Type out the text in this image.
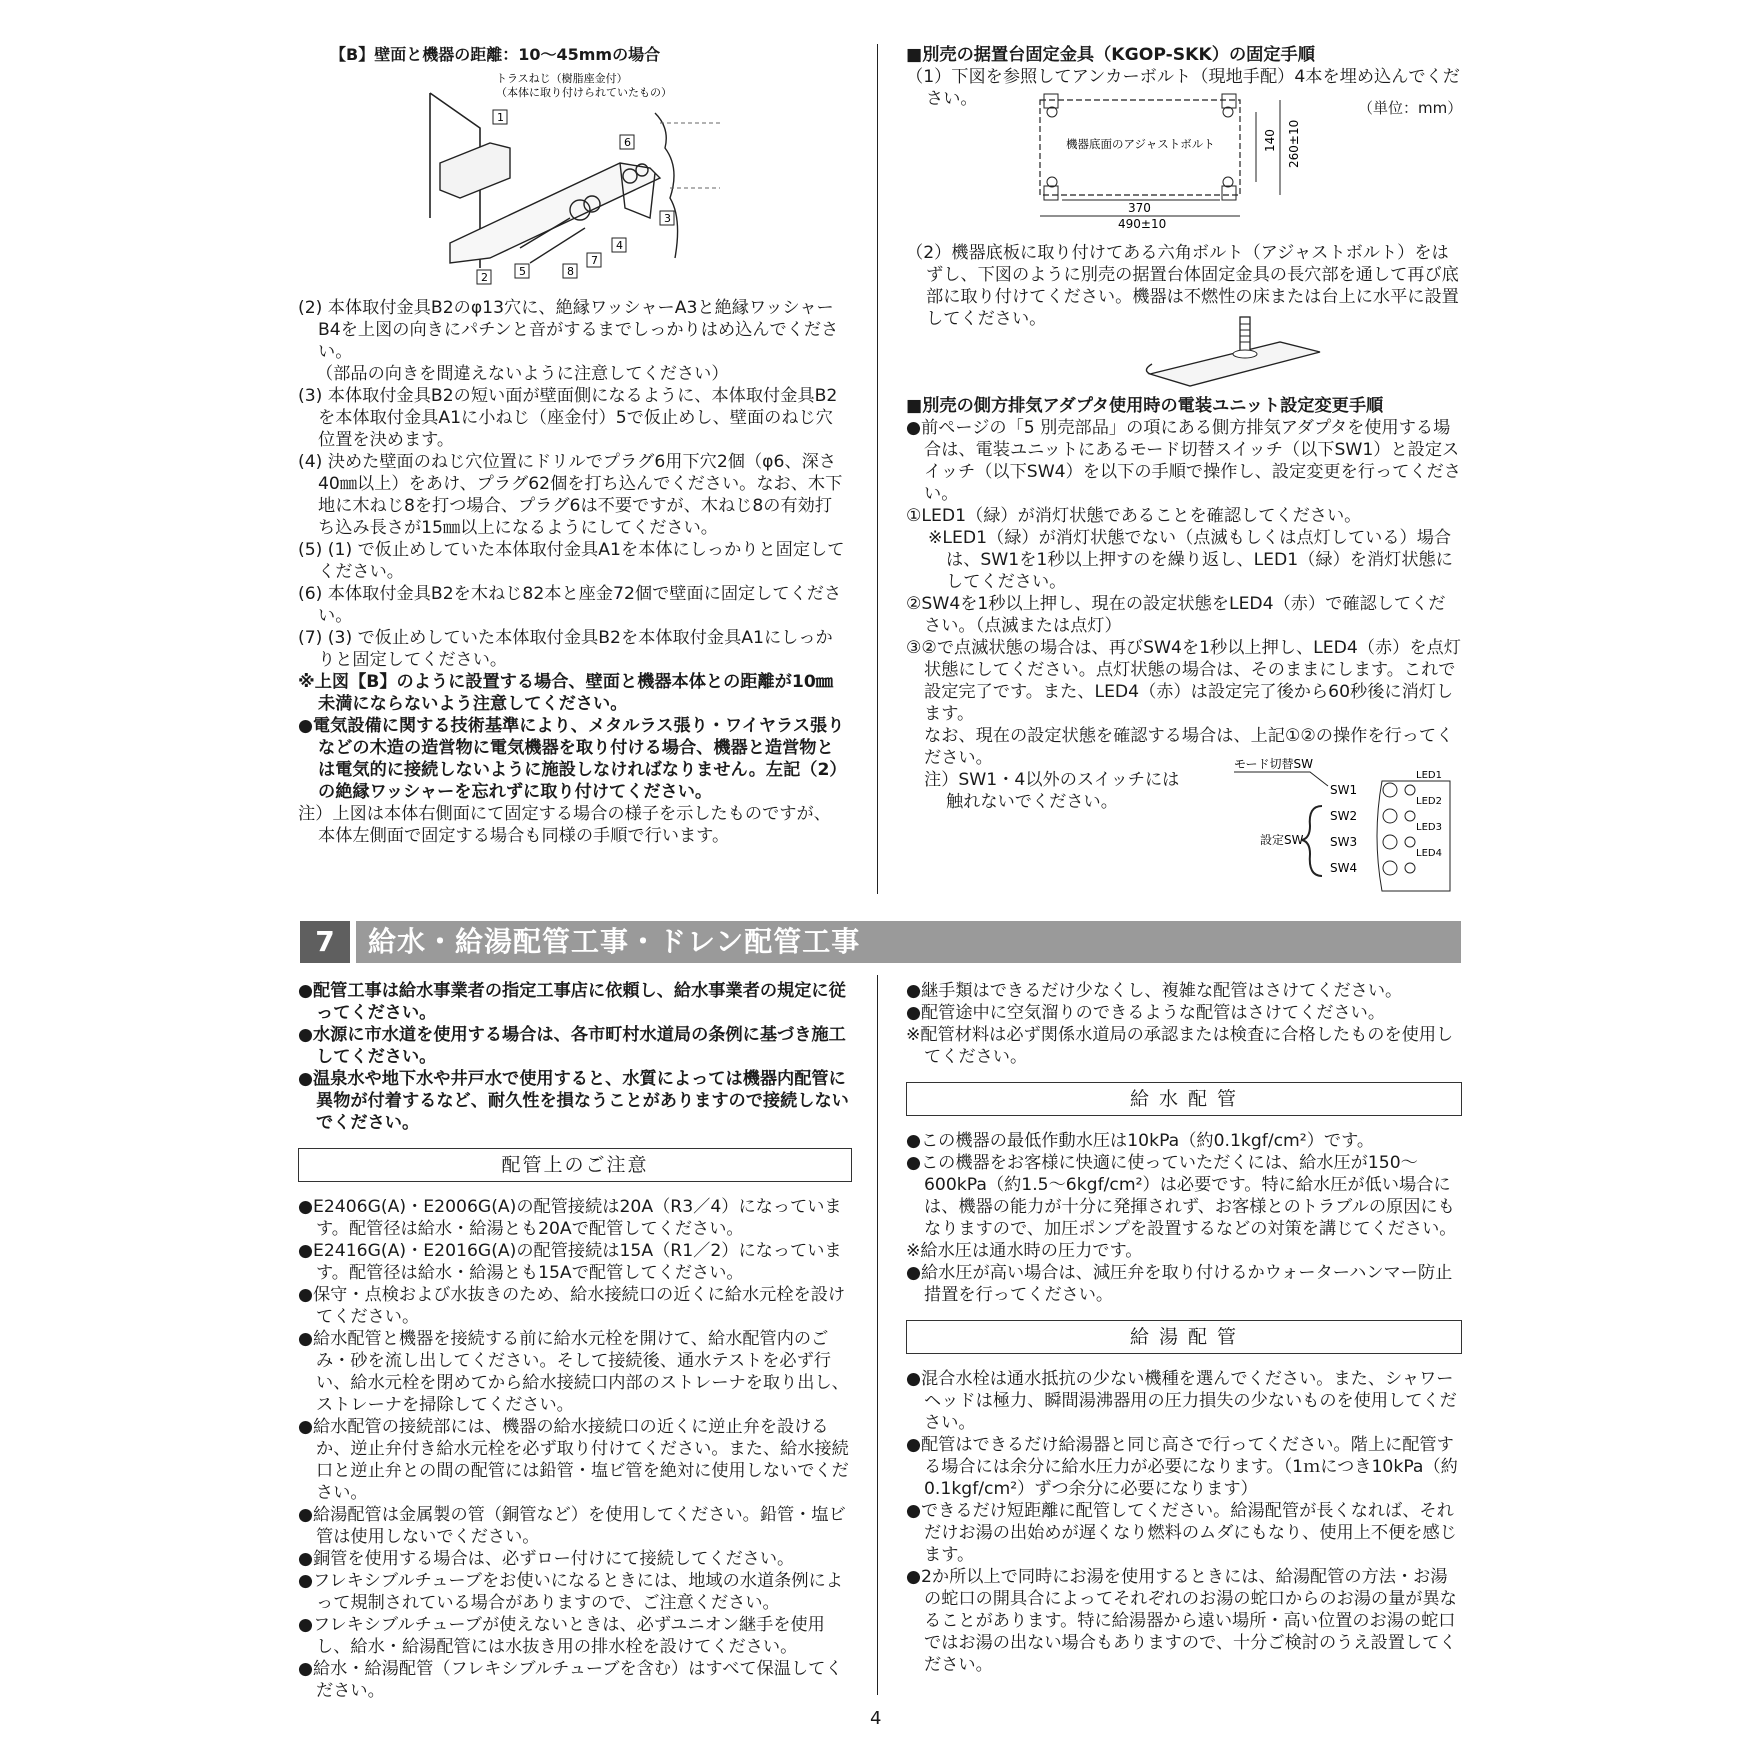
【B】壁面と機器の距離：10～45mmの場合
トラスねじ（樹脂座金付）
（本体に取り付けられていたもの）
1
6
3
4
7
8
5
2

(2) 本体取付金具B2のφ13穴に、絶縁ワッシャーA3と絶縁ワッシャーB4を上図の向きにパチンと音がするまでしっかりはめ込んでください。

（部品の向きを間違えないように注意してください）

(3) 本体取付金具B2の短い面が壁面側になるように、本体取付金具B2を本体取付金具A1に小ねじ（座金付）5で仮止めし、壁面のねじ穴位置を決めます。

(4) 決めた壁面のねじ穴位置にドリルでプラグ6用下穴2個（φ6、深さ40㎜以上）をあけ、プラグ62個を打ち込んでください。なお、木下地に木ねじ8を打つ場合、プラグ6は不要ですが、木ねじ8の有効打ち込み長さが15㎜以上になるようにしてください。

(5) (1) で仮止めしていた本体取付金具A1を本体にしっかりと固定してください。

(6) 本体取付金具B2を木ねじ82本と座金72個で壁面に固定してください。

(7) (3) で仮止めしていた本体取付金具B2を本体取付金具A1にしっかりと固定してください。

※上図【B】のように設置する場合、壁面と機器本体との距離が10㎜未満にならないよう注意してください。

●電気設備に関する技術基準により、メタルラス張り・ワイヤラス張りなどの木造の造営物に電気機器を取り付ける場合、機器と造営物とは電気的に接続しないように施設しなければなりません。左記（2）の絶縁ワッシャーを忘れずに取り付けてください。

注）上図は本体右側面にて固定する場合の様子を示したものですが、本体左側面で固定する場合も同様の手順で行います。

■別売の据置台固定金具（KGOP-SKK）の固定手順

（1）下図を参照してアンカーボルト（現地手配）4本を埋め込んでください。	（単位：mm）
機器底面のアジャストボルト
370
490±10
140 260±10

（2）機器底板に取り付けてある六角ボルト（アジャストボルト）をはずし、下図のように別売の据置台体固定金具の長穴部を通して再び底部に取り付けてください。機器は不燃性の床または台上に水平に設置してください。

■別売の側方排気アダプタ使用時の電装ユニット設定変更手順

●前ページの「5 別売部品」の項にある側方排気アダプタを使用する場合は、電装ユニットにあるモード切替スイッチ（以下SW1）と設定スイッチ（以下SW4）を以下の手順で操作し、設定変更を行ってください。

①LED1（緑）が消灯状態であることを確認してください。

※LED1（緑）が消灯状態でない（点滅もしくは点灯している）場合は、SW1を1秒以上押すのを繰り返し、LED1（緑）を消灯状態にしてください。

②SW4を1秒以上押し、現在の設定状態をLED4（赤）で確認してください。（点滅または点灯）

③②で点滅状態の場合は、再びSW4を1秒以上押し、LED4（赤）を点灯状態にしてください。点灯状態の場合は、そのままにします。これで設定完了です。また、LED4（赤）は設定完了後から60秒後に消灯します。

なお、現在の設定状態を確認する場合は、上記①②の操作を行ってください。

注）SW1・4以外のスイッチには

触れないでください。

モード切替SW
SW1
SW2
SW3
SW4
設定SW
LED1
LED2
LED3
LED4
7	給水・給湯配管工事・ドレン配管工事

●配管工事は給水事業者の指定工事店に依頼し、給水事業者の規定に従ってください。

●水源に市水道を使用する場合は、各市町村水道局の条例に基づき施工してください。

●温泉水や地下水や井戸水で使用すると、水質によっては機器内配管に異物が付着するなど、耐久性を損なうことがありますので接続しないでください。

配管上のご注意

●E2406G(A)・E2006G(A)の配管接続は20A（R3／4）になっています。配管径は給水・給湯とも20Aで配管してください。

●E2416G(A)・E2016G(A)の配管接続は15A（R1／2）になっています。配管径は給水・給湯とも15Aで配管してください。

●保守・点検および水抜きのため、給水接続口の近くに給水元栓を設けてください。

●給水配管と機器を接続する前に給水元栓を開けて、給水配管内のごみ・砂を流し出してください。そして接続後、通水テストを必ず行い、給水元栓を閉めてから給水接続口内部のストレーナを取り出し、ストレーナを掃除してください。

●給水配管の接続部には、機器の給水接続口の近くに逆止弁を設けるか、逆止弁付き給水元栓を必ず取り付けてください。また、給水接続口と逆止弁との間の配管には鉛管・塩ビ管を絶対に使用しないでください。

●給湯配管は金属製の管（銅管など）を使用してください。鉛管・塩ビ管は使用しないでください。

●銅管を使用する場合は、必ずロー付けにて接続してください。

●フレキシブルチューブをお使いになるときには、地域の水道条例によって規制されている場合がありますので、ご注意ください。

●フレキシブルチューブが使えないときは、必ずユニオン継手を使用し、給水・給湯配管には水抜き用の排水栓を設けてください。

●給水・給湯配管（フレキシブルチューブを含む）はすべて保温してください。

●継手類はできるだけ少なくし、複雑な配管はさけてください。

●配管途中に空気溜りのできるような配管はさけてください。

※配管材料は必ず関係水道局の承認または検査に合格したものを使用してください。

給 水 配 管

●この機器の最低作動水圧は10kPa（約0.1kgf/cm²）です。

●この機器をお客様に快適に使っていただくには、給水圧が150～600kPa（約1.5～6kgf/cm²）は必要です。特に給水圧が低い場合には、機器の能力が十分に発揮されず、お客様とのトラブルの原因にもなりますので、加圧ポンプを設置するなどの対策を講じてください。

※給水圧は通水時の圧力です。

●給水圧が高い場合は、減圧弁を取り付けるかウォーターハンマー防止措置を行ってください。

給 湯 配 管

●混合水栓は通水抵抗の少ない機種を選んでください。また、シャワーヘッドは極力、瞬間湯沸器用の圧力損失の少ないものを使用してください。

●配管はできるだけ給湯器と同じ高さで行ってください。階上に配管する場合には余分に給水圧力が必要になります。（1ｍにつき10kPa（約0.1kgf/cm²）ずつ余分に必要になります）

●できるだけ短距離に配管してください。給湯配管が長くなれば、それだけお湯の出始めが遅くなり燃料のムダにもなり、使用上不便を感じます。

●2か所以上で同時にお湯を使用するときには、給湯配管の方法・お湯の蛇口の開具合によってそれぞれのお湯の蛇口からのお湯の量が異なることがあります。特に給湯器から遠い場所・高い位置のお湯の蛇口ではお湯の出ない場合もありますので、十分ご検討のうえ設置してください。

4
